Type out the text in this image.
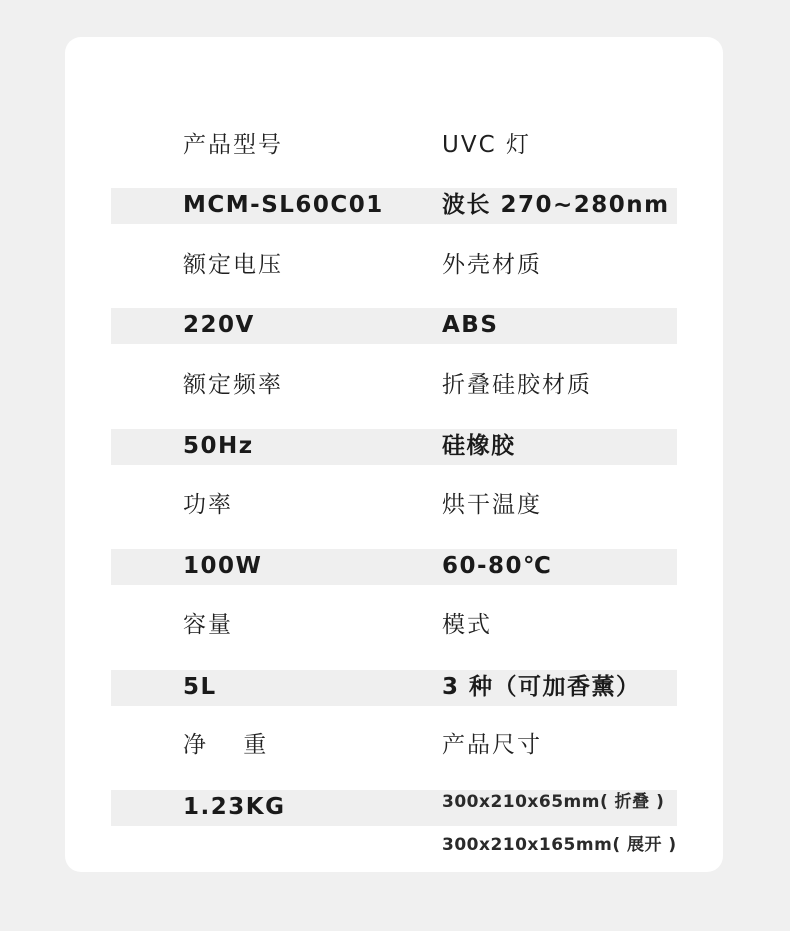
产品型号	UVC 灯
MCM-SL60C01	波长 270~280nm
额定电压	外壳材质
220V	ABS
额定频率	折叠硅胶材质
50Hz	硅橡胶
功率	烘干温度
100W	60-80℃
容量	模式
5L	3 种（可加香薰）
净 重	产品尺寸
1.23KG	300x210x65mm( 折叠 )
300x210x165mm( 展开 )
